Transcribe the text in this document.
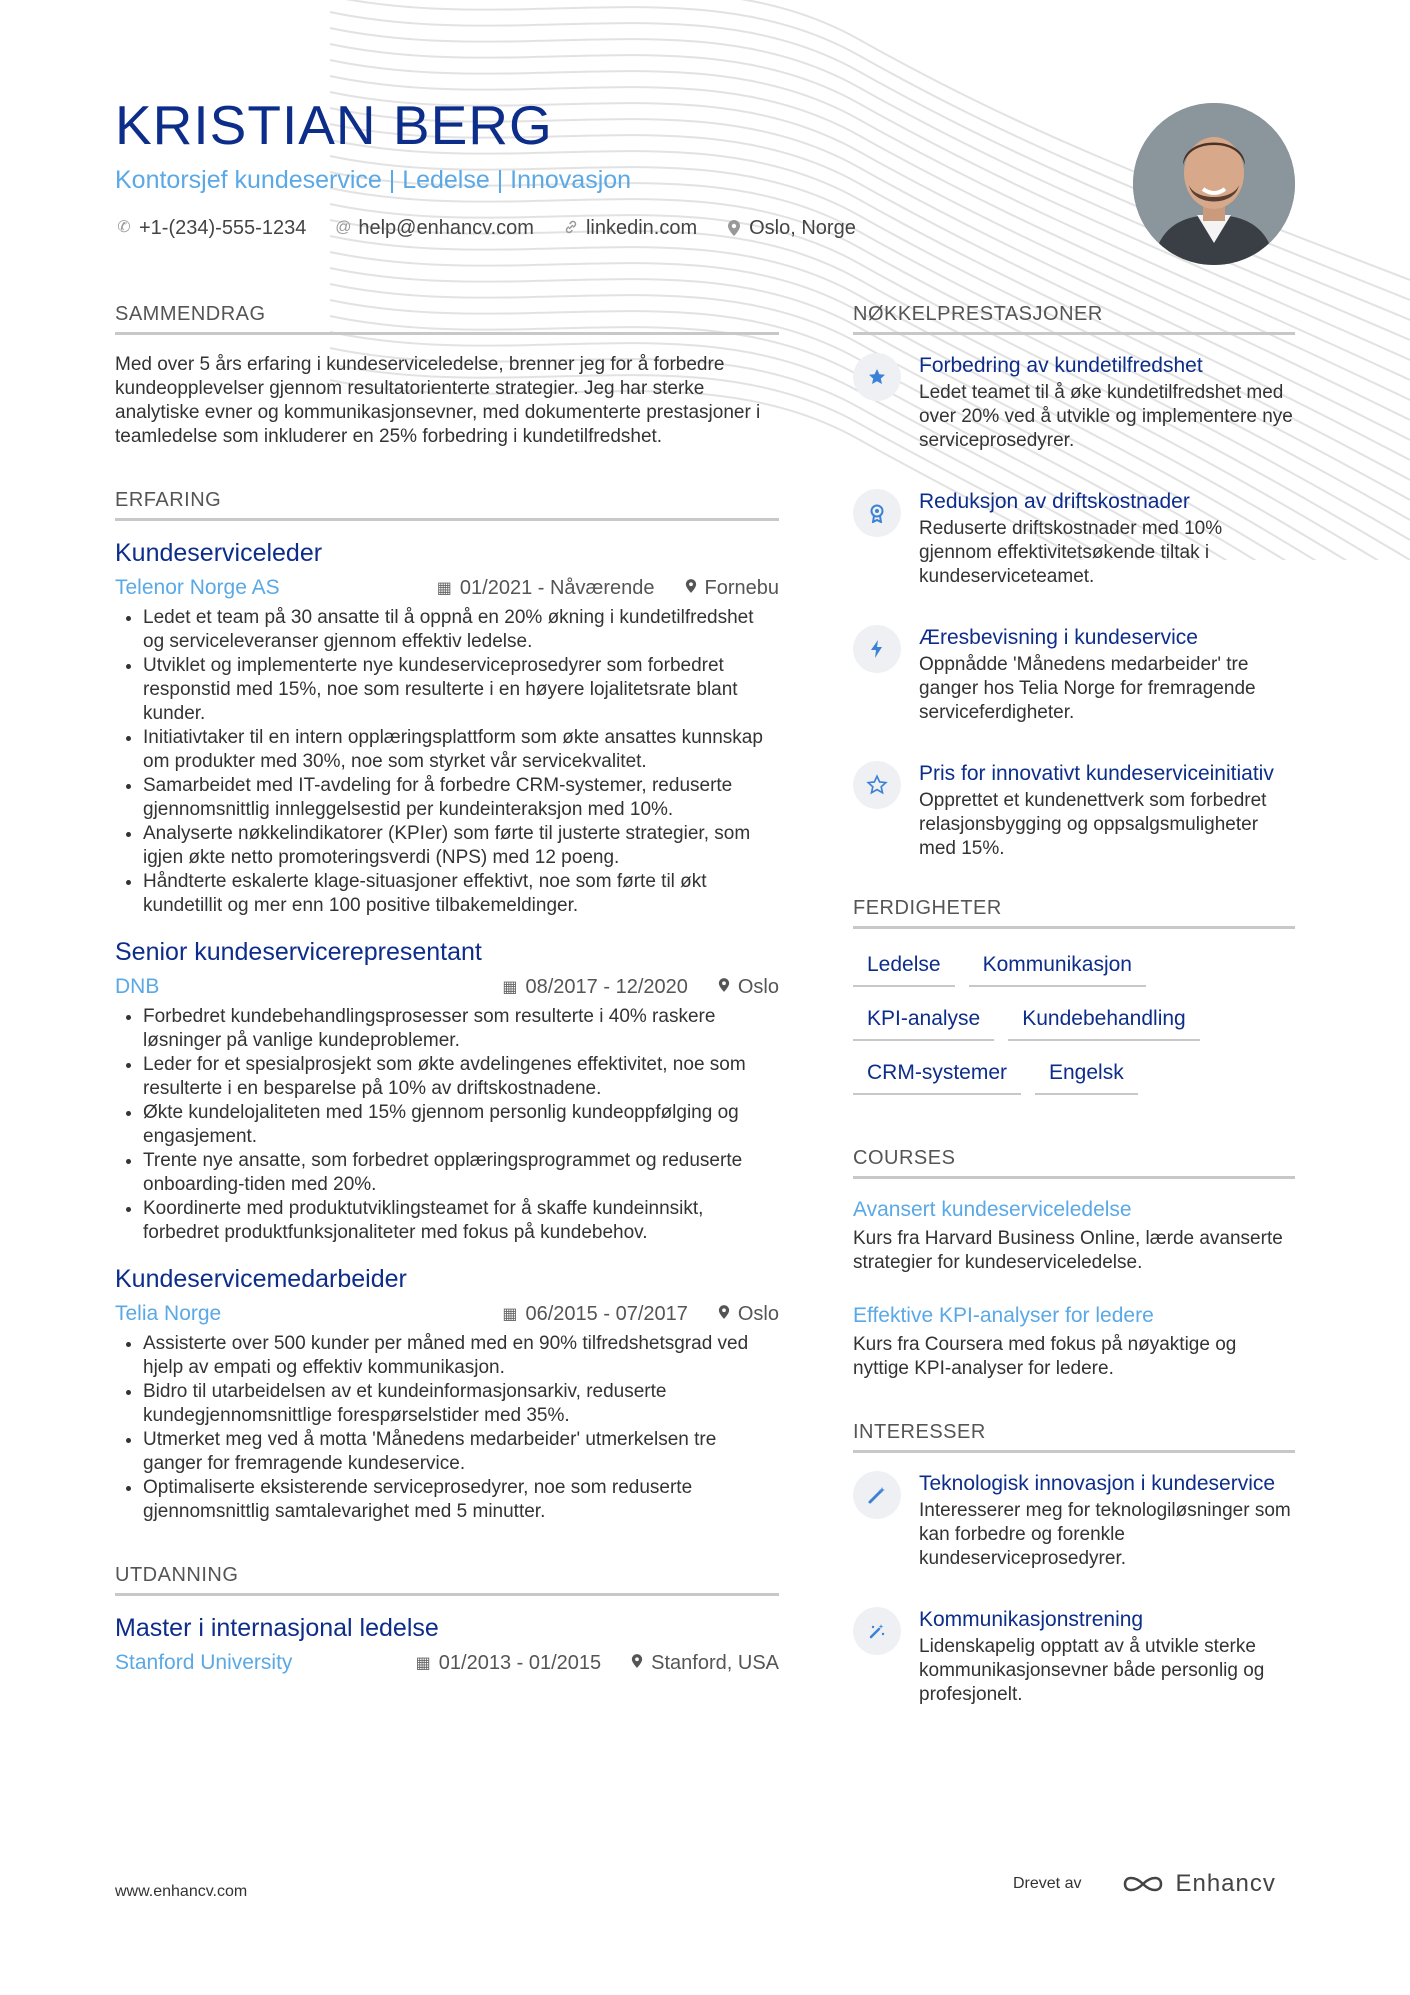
KRISTIAN BERG
Kontorsjef kundeservice | Ledelse | Innovasjon
✆ +1-(234)-555-1234 @ help@enhancv.com	linkedin.com	Oslo, Norge
SAMMENDRAG

Med over 5 års erfaring i kundeserviceledelse, brenner jeg for å forbedre kundeopplevelser gjennom resultatorienterte strategier. Jeg har sterke analytiske evner og kommunikasjonsevner, med dokumenterte prestasjoner i teamledelse som inkluderer en 25% forbedring i kundetilfredshet.

ERFARING
Kundeserviceleder
Telenor Norge AS	▦ 01/2021 - Nåværende	Fornebu
• Ledet et team på 30 ansatte til å oppnå en 20% økning i kundetilfredshet og serviceleveranser gjennom effektiv ledelse.
• Utviklet og implementerte nye kundeserviceprosedyrer som forbedret responstid med 15%, noe som resulterte i en høyere lojalitetsrate blant kunder.
• Initiativtaker til en intern opplæringsplattform som økte ansattes kunnskap om produkter med 30%, noe som styrket vår servicekvalitet.
• Samarbeidet med IT-avdeling for å forbedre CRM-systemer, reduserte gjennomsnittlig innleggelsestid per kundeinteraksjon med 10%.
• Analyserte nøkkelindikatorer (KPIer) som førte til justerte strategier, som igjen økte netto promoteringsverdi (NPS) med 12 poeng.
• Håndterte eskalerte klage-situasjoner effektivt, noe som førte til økt kundetillit og mer enn 100 positive tilbakemeldinger.
Senior kundeservicerepresentant
DNB	▦ 08/2017 - 12/2020	Oslo
• Forbedret kundebehandlingsprosesser som resulterte i 40% raskere løsninger på vanlige kundeproblemer.
• Leder for et spesialprosjekt som økte avdelingenes effektivitet, noe som resulterte i en besparelse på 10% av driftskostnadene.
• Økte kundelojaliteten med 15% gjennom personlig kundeoppfølging og engasjement.
• Trente nye ansatte, som forbedret opplæringsprogrammet og reduserte onboarding-tiden med 20%.
• Koordinerte med produktutviklingsteamet for å skaffe kundeinnsikt, forbedret produktfunksjonaliteter med fokus på kundebehov.
Kundeservicemedarbeider
Telia Norge	▦ 06/2015 - 07/2017	Oslo
• Assisterte over 500 kunder per måned med en 90% tilfredshetsgrad ved hjelp av empati og effektiv kommunikasjon.
• Bidro til utarbeidelsen av et kundeinformasjonsarkiv, reduserte kundegjennomsnittlige forespørselstider med 35%.
• Utmerket meg ved å motta 'Månedens medarbeider' utmerkelsen tre ganger for fremragende kundeservice.
• Optimaliserte eksisterende serviceprosedyrer, noe som reduserte gjennomsnittlig samtalevarighet med 5 minutter.
UTDANNING
Master i internasjonal ledelse
Stanford University	▦ 01/2013 - 01/2015	Stanford, USA
NØKKELPRESTASJONER
Forbedring av kundetilfredshet
Ledet teamet til å øke kundetilfredshet med over 20% ved å utvikle og implementere nye serviceprosedyrer.
Reduksjon av driftskostnader
Reduserte driftskostnader med 10% gjennom effektivitetsøkende tiltak i kundeserviceteamet.
Æresbevisning i kundeservice
Oppnådde 'Månedens medarbeider' tre ganger hos Telia Norge for fremragende serviceferdigheter.
Pris for innovativt kundeserviceinitiativ
Opprettet et kundenettverk som forbedret relasjonsbygging og oppsalgsmuligheter med 15%.
FERDIGHETER
Ledelse	Kommunikasjon
KPI-analyse	Kundebehandling
CRM-systemer	Engelsk
COURSES
Avansert kundeserviceledelse
Kurs fra Harvard Business Online, lærde avanserte strategier for kundeserviceledelse.
Effektive KPI-analyser for ledere
Kurs fra Coursera med fokus på nøyaktige og nyttige KPI-analyser for ledere.
INTERESSER
Teknologisk innovasjon i kundeservice
Interesserer meg for teknologiløsninger som kan forbedre og forenkle kundeserviceprosedyrer.
Kommunikasjonstrening
Lidenskapelig opptatt av å utvikle sterke kommunikasjonsevner både personlig og profesjonelt.
www.enhancv.com	Drevet av	Enhancv
